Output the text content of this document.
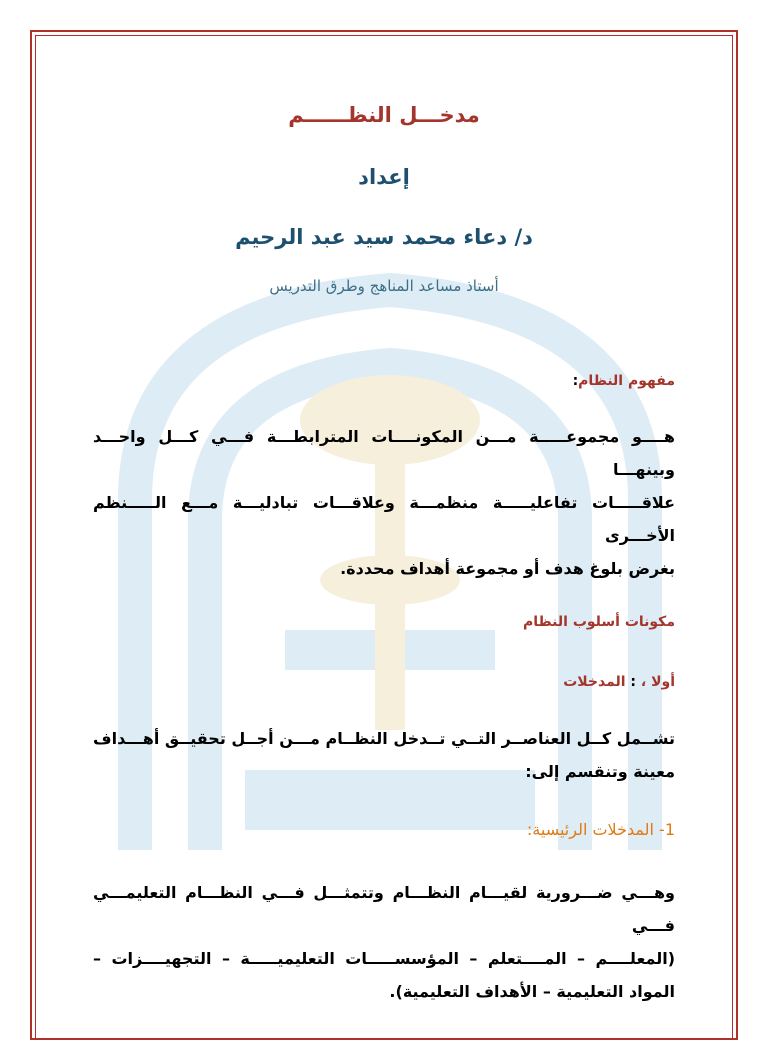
مدخـــل النظــــــم
إعداد
د/ دعاء محمد سيد عبد الرحيم
أستاذ مساعد المناهج وطرق التدريس
مفهوم النظام:
هــــو مجموعـــــة مـــن المكونــــات المترابطـــة فـــي كـــل واحـــد وبينهـــا
علاقـــــات تفاعليـــــة منظمـــة وعلاقـــات تبادليـــة مـــع الـــــنظم الأخـــرى
بغرض بلوغ هدف أو مجموعة أهداف محددة.
مكونات أسلوب النظام
أولا ، : المدخلات
تشــمل كــل العناصــر التــي تــدخل النظــام مـــن أجــل تحقيــق أهـــداف
معينة وتنقسم إلى:
1- المدخلات الرئيسية:
وهـــي ضـــرورية لقيـــام النظـــام وتتمثـــل فـــي النظـــام التعليمـــي فـــي
(المعلــــم – المــــتعلم – المؤسســـــات التعليميـــــة – التجهيــــزات –
المواد التعليمية – الأهداف التعليمية).
